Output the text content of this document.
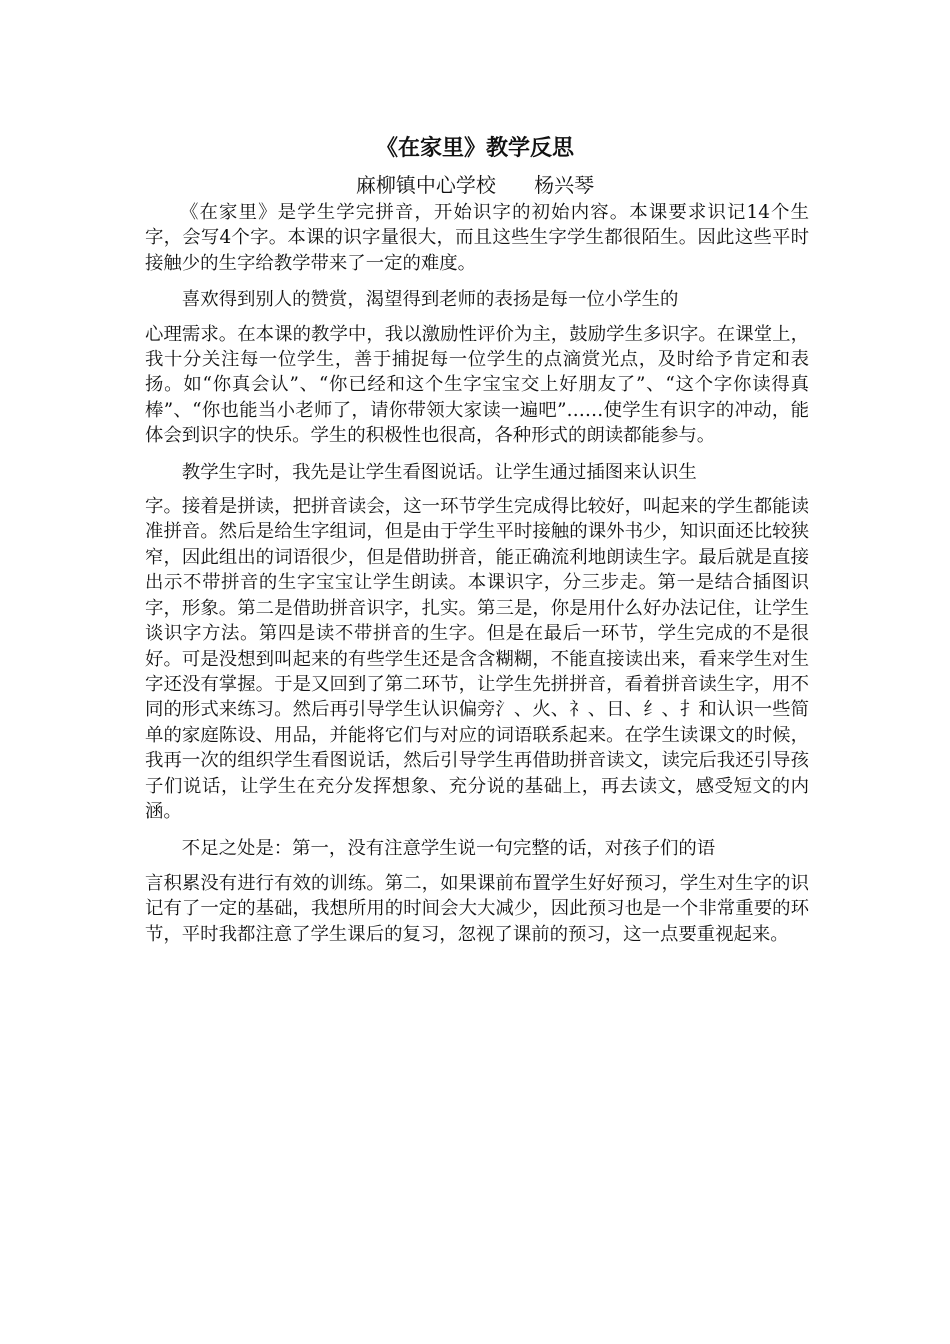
《在家里》教学反思
麻柳镇中心学校      杨兴琴

《在家里》是学生学完拼音，开始识字的初始内容。本课要求识记14个生字，会写4个字。本课的识字量很大，而且这些生字学生都很陌生。因此这些平时接触少的生字给教学带来了一定的难度。

喜欢得到别人的赞赏，渴望得到老师的表扬是每一位小学生的
心理需求。在本课的教学中，我以激励性评价为主，鼓励学生多识字。在课堂上，我十分关注每一位学生，善于捕捉每一位学生的点滴赏光点，及时给予肯定和表扬。如“你真会认”、“你已经和这个生字宝宝交上好朋友了”、“这个字你读得真棒”、“你也能当小老师了，请你带领大家读一遍吧”……使学生有识字的冲动，能体会到识字的快乐。学生的积极性也很高，各种形式的朗读都能参与。

教学生字时，我先是让学生看图说话。让学生通过插图来认识生
字。接着是拼读，把拼音读会，这一环节学生完成得比较好，叫起来的学生都能读准拼音。然后是给生字组词，但是由于学生平时接触的课外书少，知识面还比较狭窄，因此组出的词语很少，但是借助拼音，能正确流利地朗读生字。最后就是直接出示不带拼音的生字宝宝让学生朗读。本课识字，分三步走。第一是结合插图识字，形象。第二是借助拼音识字，扎实。第三是，你是用什么好办法记住，让学生谈识字方法。第四是读不带拼音的生字。但是在最后一环节，学生完成的不是很好。可是没想到叫起来的有些学生还是含含糊糊，不能直接读出来，看来学生对生字还没有掌握。于是又回到了第二环节，让学生先拼拼音，看着拼音读生字，用不同的形式来练习。然后再引导学生认识偏旁氵、火、礻、日、纟、扌和认识一些简单的家庭陈设、用品，并能将它们与对应的词语联系起来。在学生读课文的时候，我再一次的组织学生看图说话，然后引导学生再借助拼音读文，读完后我还引导孩子们说话，让学生在充分发挥想象、充分说的基础上，再去读文，感受短文的内涵。

不足之处是：第一，没有注意学生说一句完整的话，对孩子们的语
言积累没有进行有效的训练。第二，如果课前布置学生好好预习，学生对生字的识记有了一定的基础，我想所用的时间会大大减少，因此预习也是一个非常重要的环节，平时我都注意了学生课后的复习，忽视了课前的预习，这一点要重视起来。
